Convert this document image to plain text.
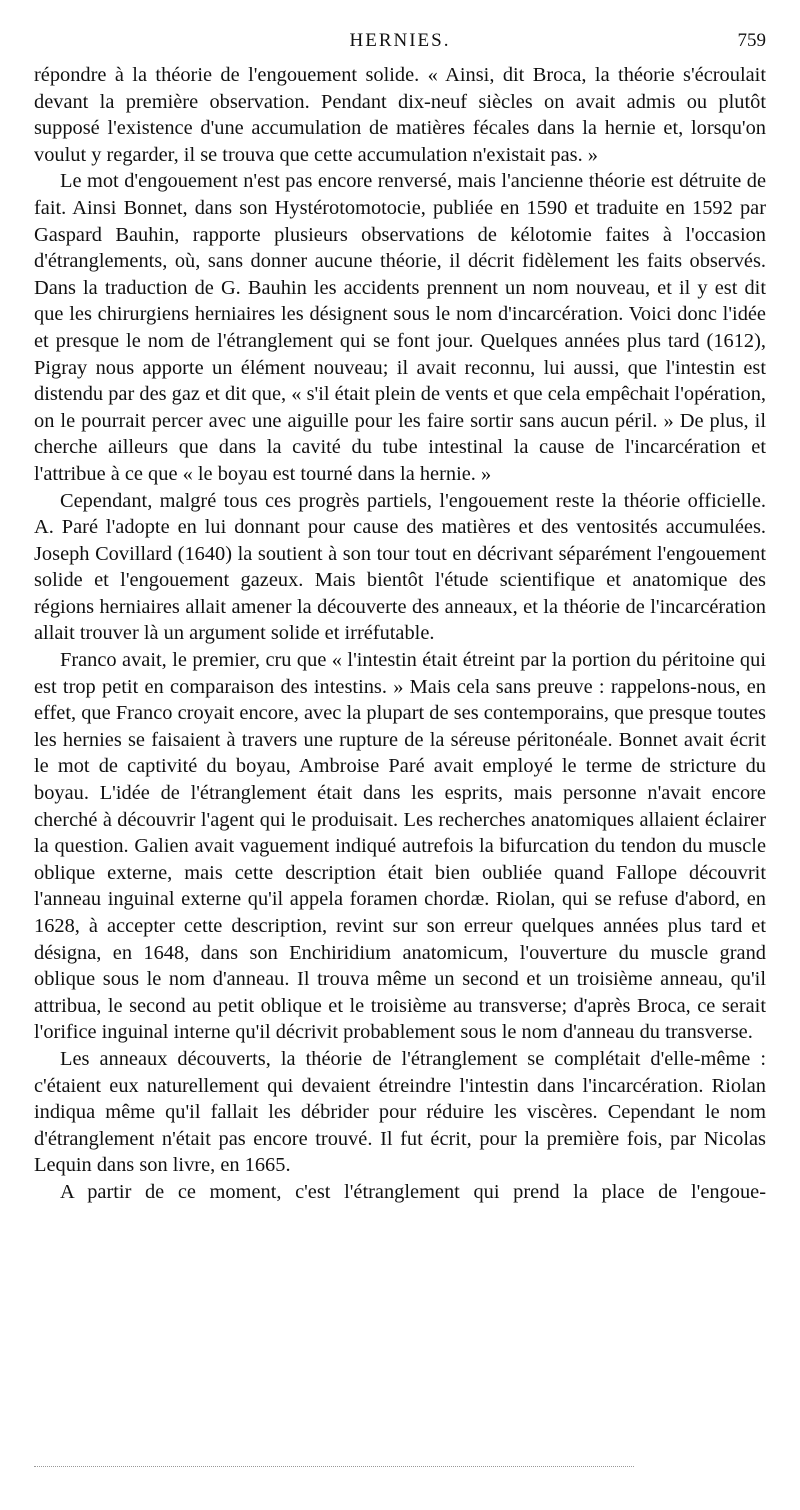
HERNIES.	759

répondre à la théorie de l'engouement solide. « Ainsi, dit Broca, la théorie s'écroulait devant la première observation. Pendant dix-neuf siècles on avait admis ou plutôt supposé l'existence d'une accumulation de matières fécales dans la hernie et, lorsqu'on voulut y regarder, il se trouva que cette accumulation n'existait pas. »

Le mot d'engouement n'est pas encore renversé, mais l'ancienne théorie est détruite de fait. Ainsi Bonnet, dans son Hystérotomotocie, publiée en 1590 et traduite en 1592 par Gaspard Bauhin, rapporte plusieurs observations de kélotomie faites à l'occasion d'étranglements, où, sans donner aucune théorie, il décrit fidèlement les faits observés. Dans la traduction de G. Bauhin les accidents prennent un nom nouveau, et il y est dit que les chirurgiens herniaires les désignent sous le nom d'incarcération. Voici donc l'idée et presque le nom de l'étranglement qui se font jour. Quelques années plus tard (1612), Pigray nous apporte un élément nouveau; il avait reconnu, lui aussi, que l'intestin est distendu par des gaz et dit que, « s'il était plein de vents et que cela empêchait l'opération, on le pourrait percer avec une aiguille pour les faire sortir sans aucun péril. » De plus, il cherche ailleurs que dans la cavité du tube intestinal la cause de l'incarcération et l'attribue à ce que « le boyau est tourné dans la hernie. »

Cependant, malgré tous ces progrès partiels, l'engouement reste la théorie officielle. A. Paré l'adopte en lui donnant pour cause des matières et des ventosités accumulées. Joseph Covillard (1640) la soutient à son tour tout en décrivant séparément l'engouement solide et l'engouement gazeux. Mais bientôt l'étude scientifique et anatomique des régions herniaires allait amener la découverte des anneaux, et la théorie de l'incarcération allait trouver là un argument solide et irréfutable.

Franco avait, le premier, cru que « l'intestin était étreint par la portion du péritoine qui est trop petit en comparaison des intestins. » Mais cela sans preuve : rappelons-nous, en effet, que Franco croyait encore, avec la plupart de ses contemporains, que presque toutes les hernies se faisaient à travers une rupture de la séreuse péritonéale. Bonnet avait écrit le mot de captivité du boyau, Ambroise Paré avait employé le terme de stricture du boyau. L'idée de l'étranglement était dans les esprits, mais personne n'avait encore cherché à découvrir l'agent qui le produisait. Les recherches anatomiques allaient éclairer la question. Galien avait vaguement indiqué autrefois la bifurcation du tendon du muscle oblique externe, mais cette description était bien oubliée quand Fallope découvrit l'anneau inguinal externe qu'il appela foramen chordæ. Riolan, qui se refuse d'abord, en 1628, à accepter cette description, revint sur son erreur quelques années plus tard et désigna, en 1648, dans son Enchiridium anatomicum, l'ouverture du muscle grand oblique sous le nom d'anneau. Il trouva même un second et un troisième anneau, qu'il attribua, le second au petit oblique et le troisième au transverse; d'après Broca, ce serait l'orifice inguinal interne qu'il décrivit probablement sous le nom d'anneau du transverse.

Les anneaux découverts, la théorie de l'étranglement se complétait d'elle-même : c'étaient eux naturellement qui devaient étreindre l'intestin dans l'incarcération. Riolan indiqua même qu'il fallait les débrider pour réduire les viscères. Cependant le nom d'étranglement n'était pas encore trouvé. Il fut écrit, pour la première fois, par Nicolas Lequin dans son livre, en 1665.

A partir de ce moment, c'est l'étranglement qui prend la place de l'engoue-
